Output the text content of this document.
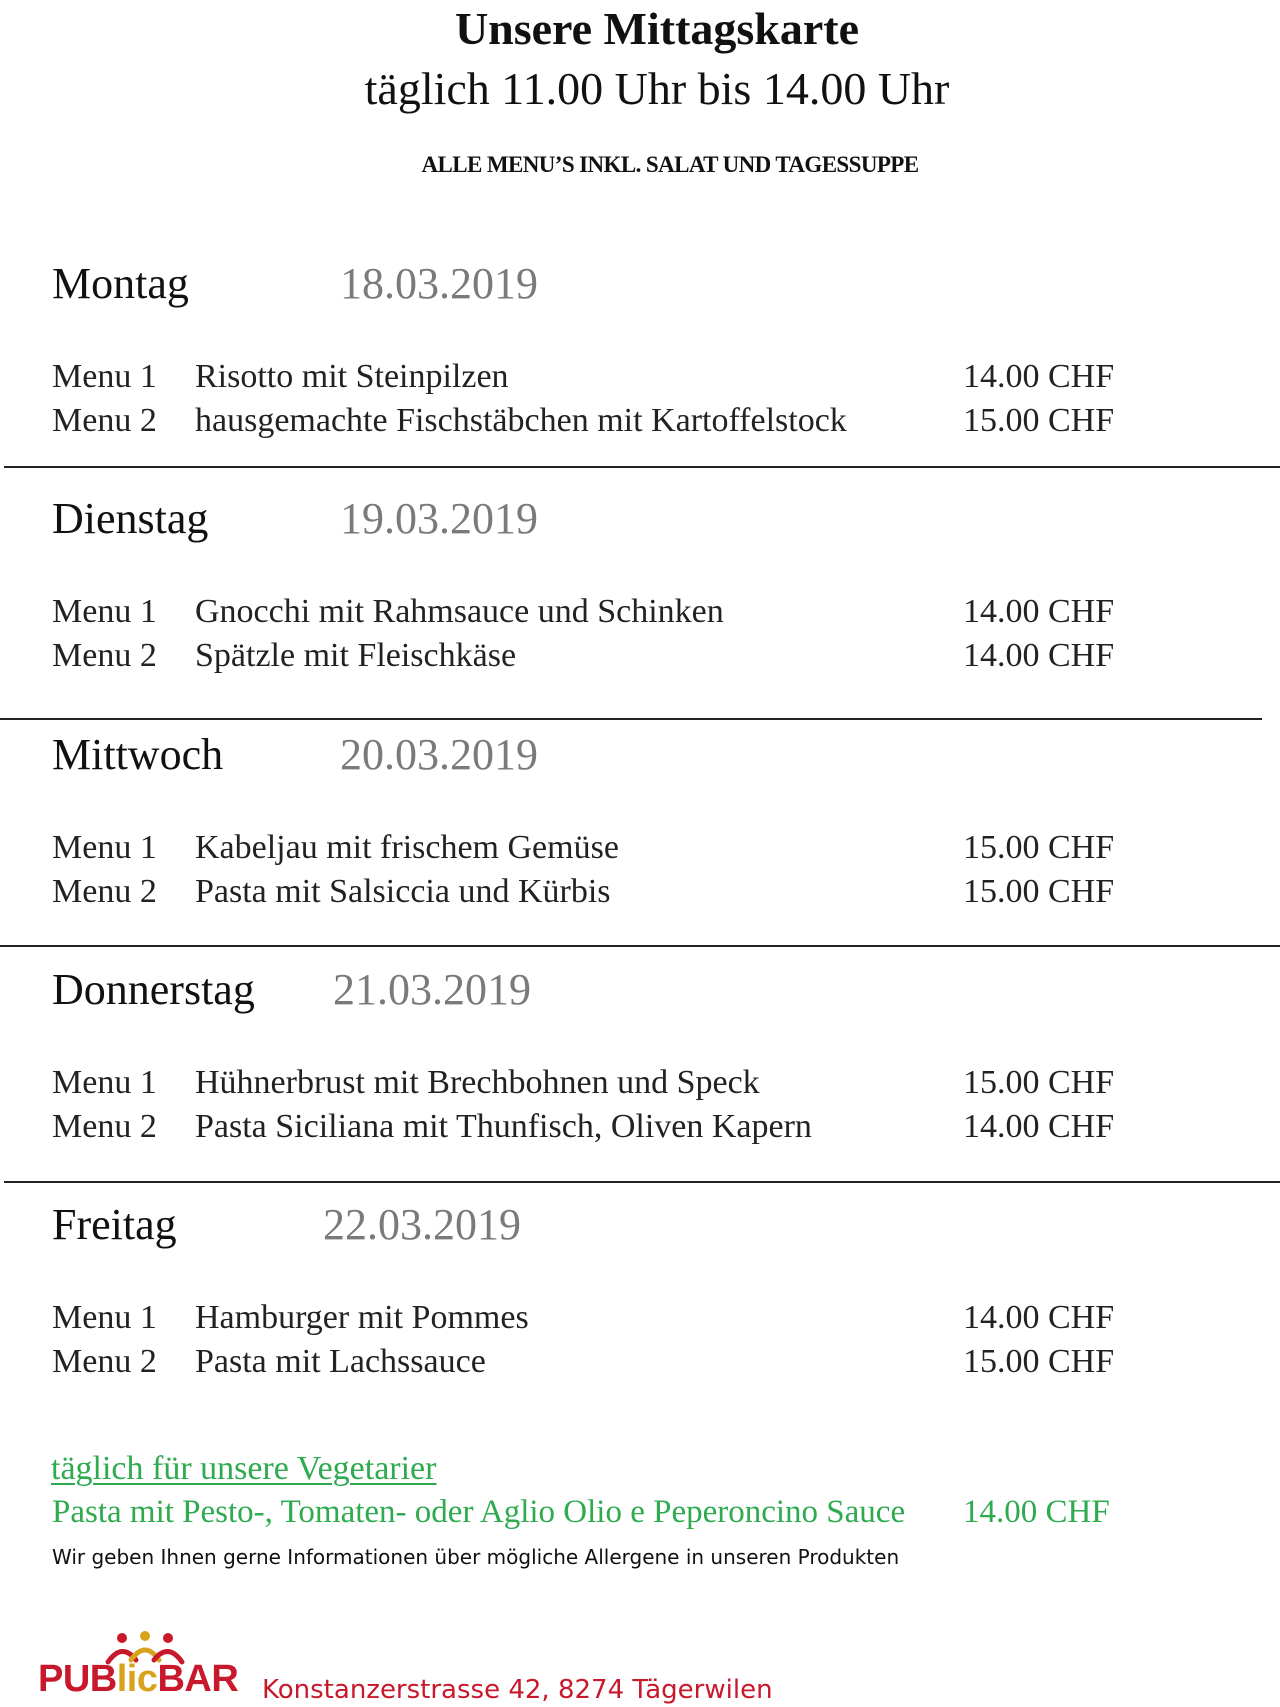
Unsere Mittagskarte
täglich 11.00 Uhr bis 14.00 Uhr
ALLE MENU’S INKL. SALAT UND TAGESSUPPE
Montag	18.03.2019
Menu 1 Risotto mit Steinpilzen	14.00 CHF
Menu 2 hausgemachte Fischstäbchen mit Kartoffelstock	15.00 CHF
Dienstag	19.03.2019
Menu 1 Gnocchi mit Rahmsauce und Schinken	14.00 CHF
Menu 2 Spätzle mit Fleischkäse	14.00 CHF
Mittwoch	20.03.2019
Menu 1 Kabeljau mit frischem Gemüse	15.00 CHF
Menu 2 Pasta mit Salsiccia und Kürbis	15.00 CHF
Donnerstag 21.03.2019
Menu 1 Hühnerbrust mit Brechbohnen und Speck	15.00 CHF
Menu 2 Pasta Siciliana mit Thunfisch, Oliven Kapern	14.00 CHF
Freitag	22.03.2019
Menu 1 Hamburger mit Pommes	14.00 CHF
Menu 2 Pasta mit Lachssauce	15.00 CHF
täglich für unsere Vegetarier
Pasta mit Pesto-, Tomaten- oder Aglio Olio e Peperoncino Sauce 14.00 CHF
Wir geben Ihnen gerne Informationen über mögliche Allergene in unseren Produkten
PUBlicBAR Konstanzerstrasse 42, 8274 Tägerwilen
